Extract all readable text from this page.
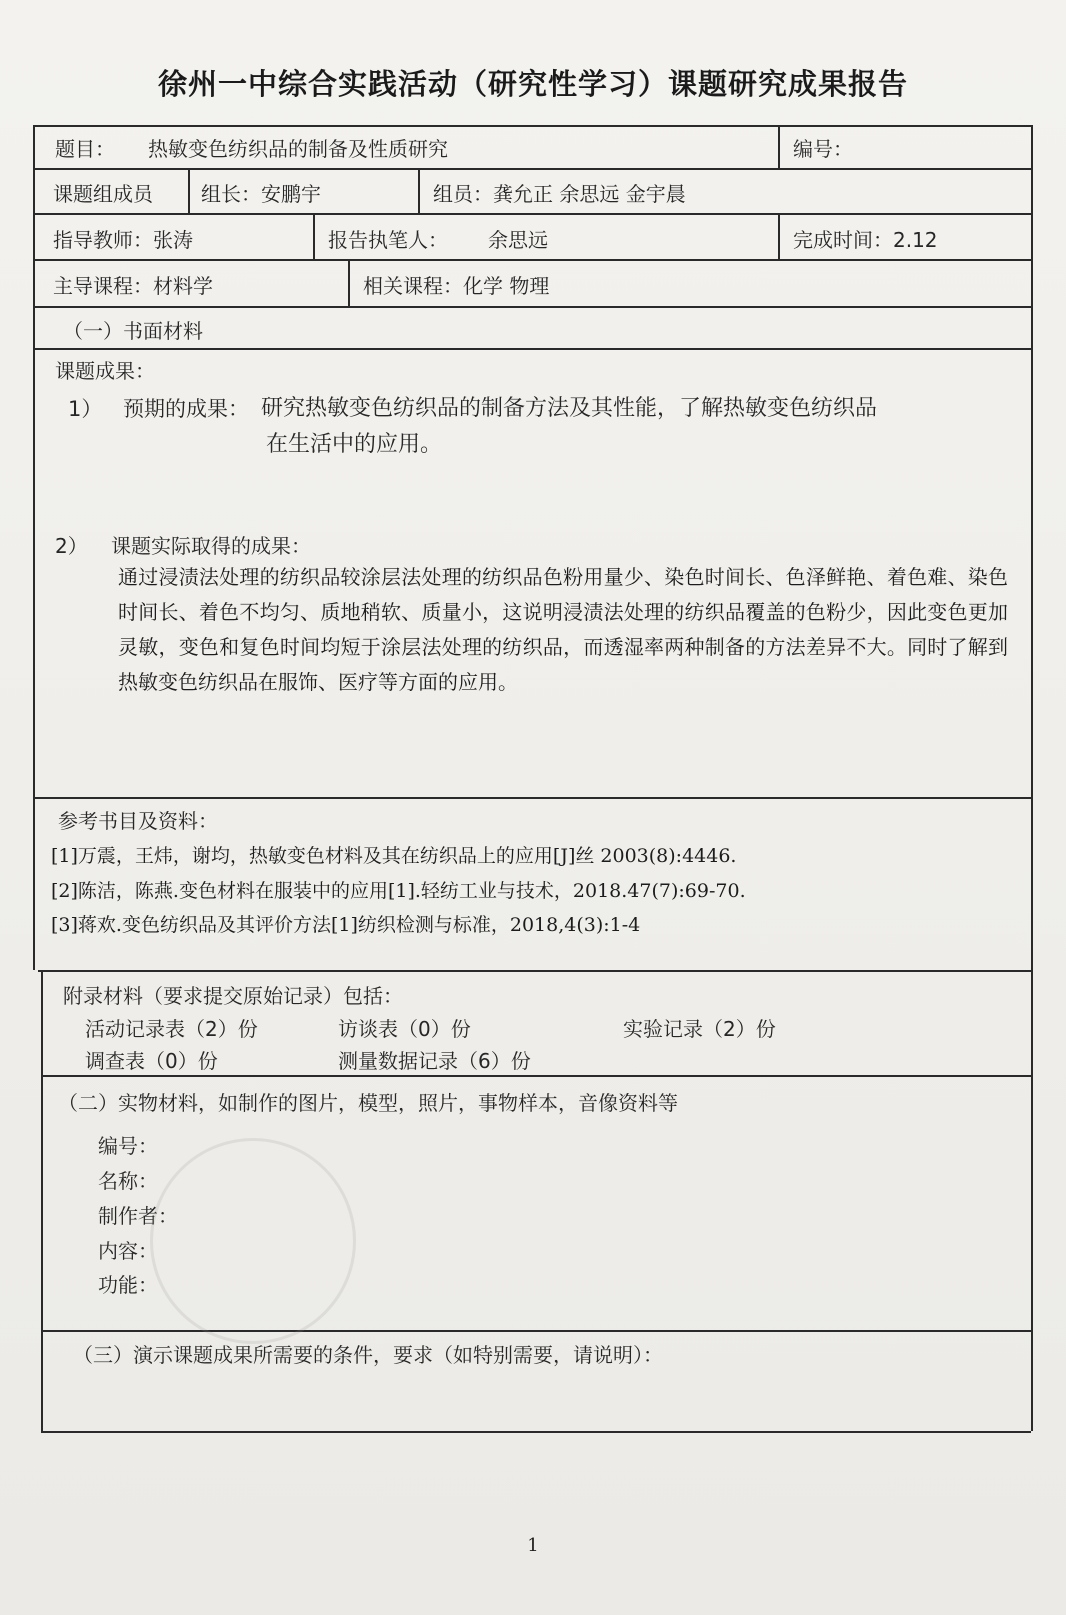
徐州一中综合实践活动（研究性学习）课题研究成果报告
题目： 热敏变色纺织品的制备及性质研究	编号：
课题组成员 组长：安鹏宇	组员：龚允正 余思远 金宇晨
指导教师：张涛	报告执笔人： 余思远	完成时间：2.12
主导课程：材料学	相关课程：化学 物理
（一）书面材料
课题成果：
1） 预期的成果： 研究热敏变色纺织品的制备方法及其性能，了解热敏变色纺织品
在生活中的应用。
2） 课题实际取得的成果：
通过浸渍法处理的纺织品较涂层法处理的纺织品色粉用量少、染色时间长、色泽鲜艳、着色难、染色时间长、着色不均匀、质地稍软、质量小，这说明浸渍法处理的纺织品覆盖的色粉少，因此变色更加灵敏，变色和复色时间均短于涂层法处理的纺织品，而透湿率两种制备的方法差异不大。同时了解到热敏变色纺织品在服饰、医疗等方面的应用。
参考书目及资料：
[1]万震，王炜，谢均，热敏变色材料及其在纺织品上的应用[J]丝 2003(8):4446.
[2]陈洁，陈燕.变色材料在服装中的应用[1].轻纺工业与技术，2018.47(7):69-70.
[3]蒋欢.变色纺织品及其评价方法[1]纺织检测与标准，2018,4(3):1-4
附录材料（要求提交原始记录）包括：
活动记录表（2）份	访谈表（0）份	实验记录（2）份
调查表（0）份	测量数据记录（6）份
（二）实物材料，如制作的图片，模型，照片，事物样本，音像资料等
编号：
名称：
制作者：
内容：
功能：
（三）演示课题成果所需要的条件，要求（如特别需要，请说明）：
1
